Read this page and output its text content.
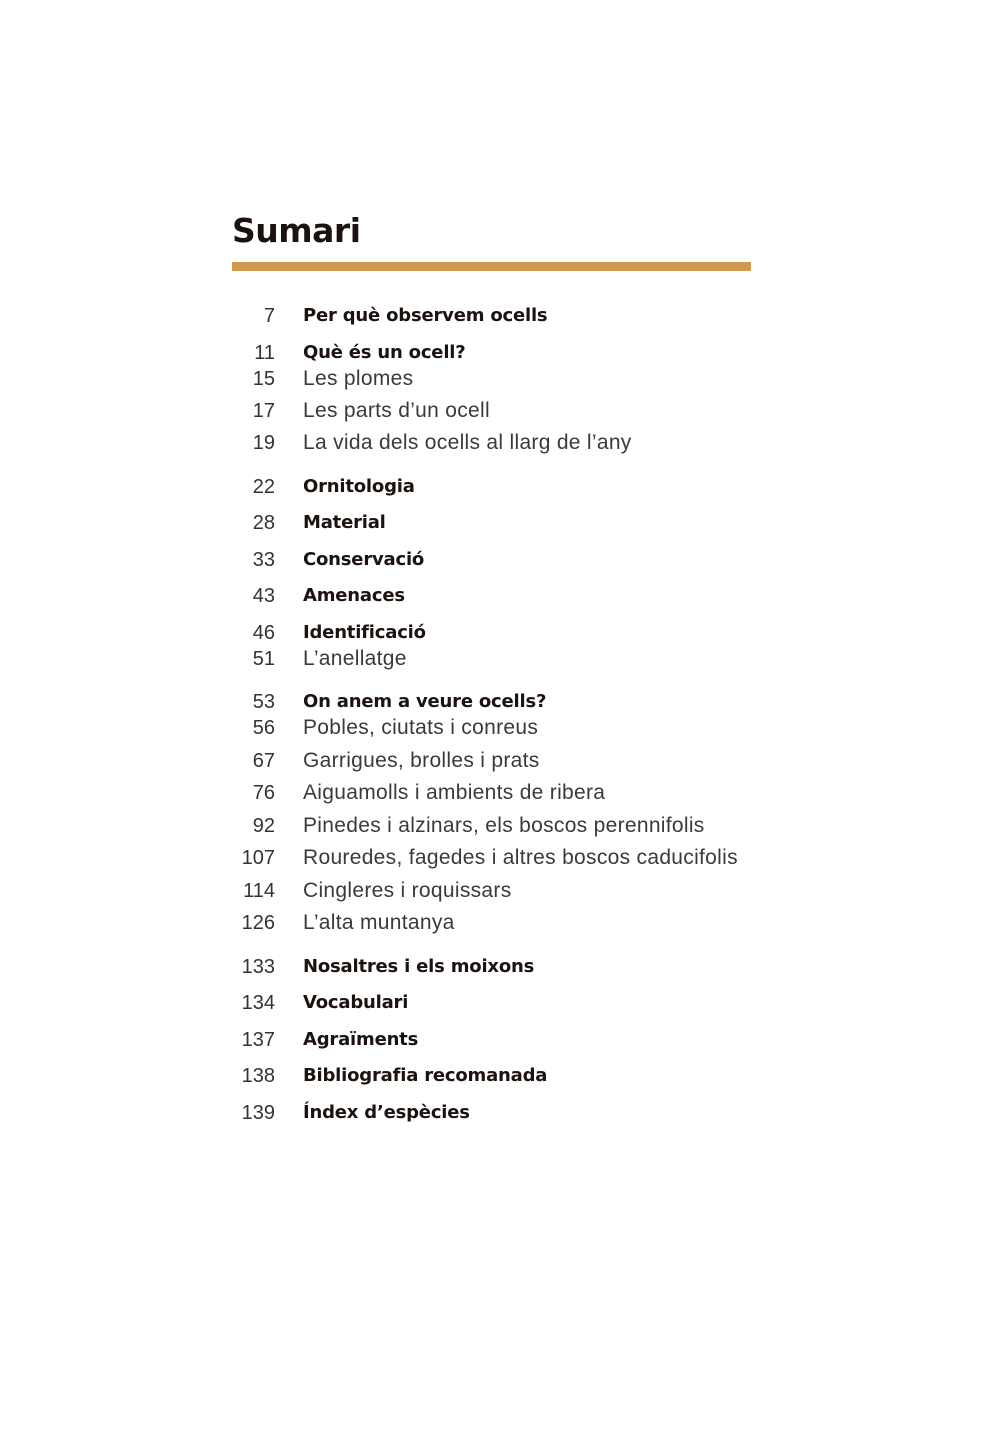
Sumari
7 Per què observem ocells
11 Què és un ocell?
15 Les plomes
17 Les parts d’un ocell
19 La vida dels ocells al llarg de l’any
22 Ornitologia
28 Material
33 Conservació
43 Amenaces
46 Identificació
51 L’anellatge
53 On anem a veure ocells?
56 Pobles, ciutats i conreus
67 Garrigues, brolles i prats
76 Aiguamolls i ambients de ribera
92 Pinedes i alzinars, els boscos perennifolis
107 Rouredes, fagedes i altres boscos caducifolis
114 Cingleres i roquissars
126 L’alta muntanya
133 Nosaltres i els moixons
134 Vocabulari
137 Agraïments
138 Bibliografia recomanada
139 Índex d’espècies
